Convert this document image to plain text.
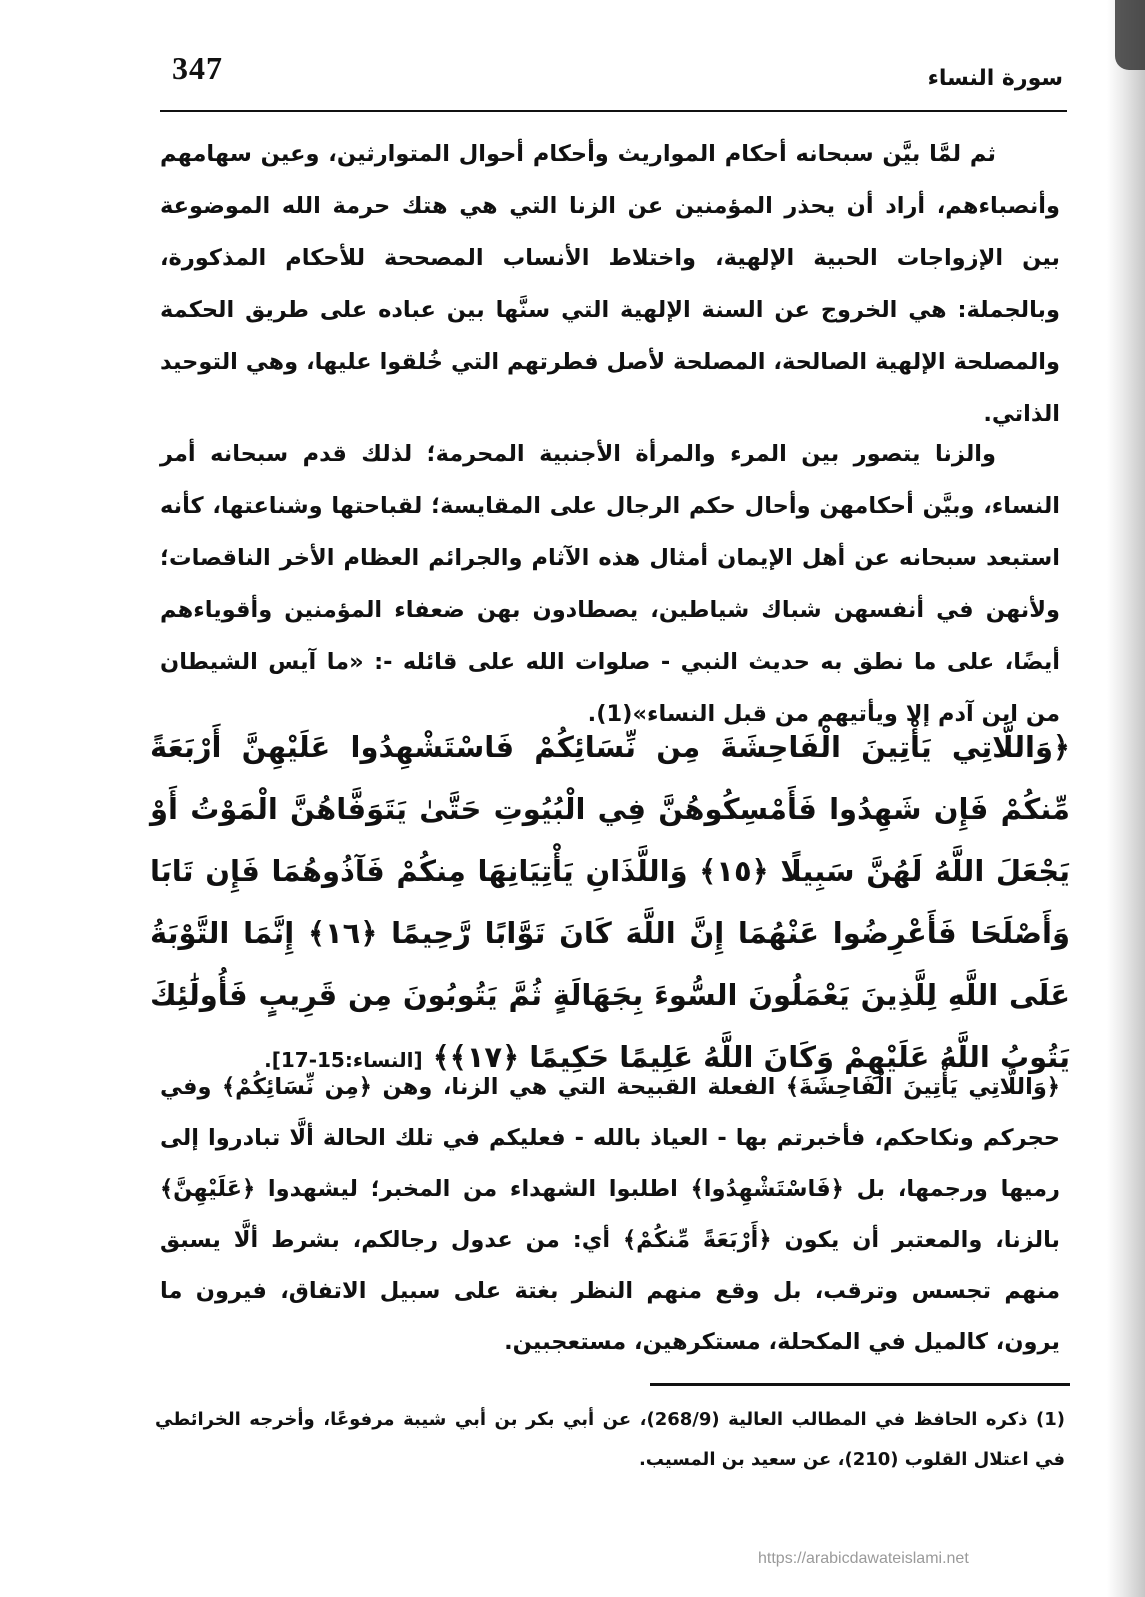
347	سورة النساء

ثم لمَّا بيَّن سبحانه أحكام المواريث وأحكام أحوال المتوارثين، وعين سهامهم وأنصباءهم، أراد أن يحذر المؤمنين عن الزنا التي هي هتك حرمة الله الموضوعة بين الإزواجات الحبية الإلهية، واختلاط الأنساب المصححة للأحكام المذكورة، وبالجملة: هي الخروج عن السنة الإلهية التي سنَّها بين عباده على طريق الحكمة والمصلحة الإلهية الصالحة، المصلحة لأصل فطرتهم التي خُلقوا عليها، وهي التوحيد الذاتي.

والزنا يتصور بين المرء والمرأة الأجنبية المحرمة؛ لذلك قدم سبحانه أمر النساء، وبيَّن أحكامهن وأحال حكم الرجال على المقايسة؛ لقباحتها وشناعتها، كأنه استبعد سبحانه عن أهل الإيمان أمثال هذه الآثام والجرائم العظام الأخر الناقصات؛ ولأنهن في أنفسهن شباك شياطين، يصطادون بهن ضعفاء المؤمنين وأقوياءهم أيضًا، على ما نطق به حديث النبي - صلوات الله على قائله -: «ما آيس الشيطان من ابن آدم إلا ويأتيهم من قبل النساء»(1).

﴿وَاللَّاتِي يَأْتِينَ الْفَاحِشَةَ مِن نِّسَائِكُمْ فَاسْتَشْهِدُوا عَلَيْهِنَّ أَرْبَعَةً مِّنكُمْ فَإِن شَهِدُوا فَأَمْسِكُوهُنَّ فِي الْبُيُوتِ حَتَّىٰ يَتَوَفَّاهُنَّ الْمَوْتُ أَوْ يَجْعَلَ اللَّهُ لَهُنَّ سَبِيلًا ﴿١٥﴾ وَاللَّذَانِ يَأْتِيَانِهَا مِنكُمْ فَآذُوهُمَا فَإِن تَابَا وَأَصْلَحَا فَأَعْرِضُوا عَنْهُمَا إِنَّ اللَّهَ كَانَ تَوَّابًا رَّحِيمًا ﴿١٦﴾ إِنَّمَا التَّوْبَةُ عَلَى اللَّهِ لِلَّذِينَ يَعْمَلُونَ السُّوءَ بِجَهَالَةٍ ثُمَّ يَتُوبُونَ مِن قَرِيبٍ فَأُولَٰئِكَ يَتُوبُ اللَّهُ عَلَيْهِمْ وَكَانَ اللَّهُ عَلِيمًا حَكِيمًا ﴿١٧﴾﴾ [النساء:15-17].

﴿وَاللَّاتِي يَأْتِينَ الْفَاحِشَةَ﴾ الفعلة القبيحة التي هي الزنا، وهن ﴿مِن نِّسَائِكُمْ﴾ وفي حجركم ونكاحكم، فأخبرتم بها - العياذ بالله - فعليكم في تلك الحالة ألَّا تبادروا إلى رميها ورجمها، بل ﴿فَاسْتَشْهِدُوا﴾ اطلبوا الشهداء من المخبر؛ ليشهدوا ﴿عَلَيْهِنَّ﴾ بالزنا، والمعتبر أن يكون ﴿أَرْبَعَةً مِّنكُمْ﴾ أي: من عدول رجالكم، بشرط ألَّا يسبق منهم تجسس وترقب، بل وقع منهم النظر بغتة على سبيل الاتفاق، فيرون ما يرون، كالميل في المكحلة، مستكرهين، مستعجبين.

(1) ذكره الحافظ في المطالب العالية (268/9)، عن أبي بكر بن أبي شيبة مرفوعًا، وأخرجه الخرائطي في اعتلال القلوب (210)، عن سعيد بن المسيب.
https://arabicdawateislami.net
